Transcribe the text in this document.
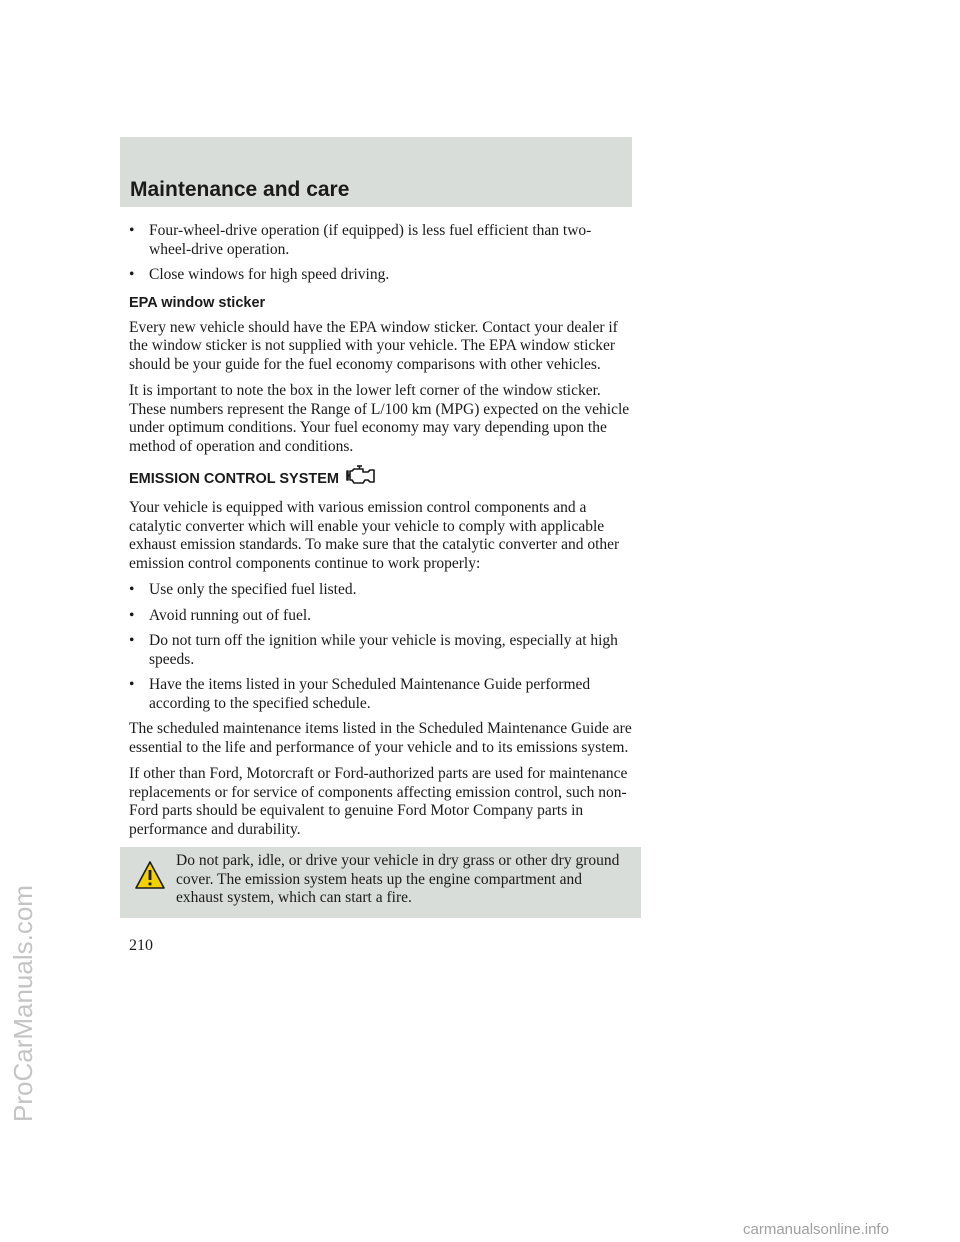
Maintenance and care
• Four-wheel-drive operation (if equipped) is less fuel efficient than two-wheel-drive operation.
• Close windows for high speed driving.
EPA window sticker

Every new vehicle should have the EPA window sticker. Contact your dealer if the window sticker is not supplied with your vehicle. The EPA window sticker should be your guide for the fuel economy comparisons with other vehicles.

It is important to note the box in the lower left corner of the window sticker. These numbers represent the Range of L/100 km (MPG) expected on the vehicle under optimum conditions. Your fuel economy may vary depending upon the method of operation and conditions.

EMISSION CONTROL SYSTEM

Your vehicle is equipped with various emission control components and a catalytic converter which will enable your vehicle to comply with applicable exhaust emission standards. To make sure that the catalytic converter and other emission control components continue to work properly:

• Use only the specified fuel listed.
• Avoid running out of fuel.
• Do not turn off the ignition while your vehicle is moving, especially at high speeds.
• Have the items listed in your Scheduled Maintenance Guide performed according to the specified schedule.

The scheduled maintenance items listed in the Scheduled Maintenance Guide are essential to the life and performance of your vehicle and to its emissions system.

If other than Ford, Motorcraft or Ford-authorized parts are used for maintenance replacements or for service of components affecting emission control, such non-Ford parts should be equivalent to genuine Ford Motor Company parts in performance and durability.

Do not park, idle, or drive your vehicle in dry grass or other dry ground cover. The emission system heats up the engine compartment and exhaust system, which can start a fire.

210
ProCarManuals.com
carmanualsonline.info
